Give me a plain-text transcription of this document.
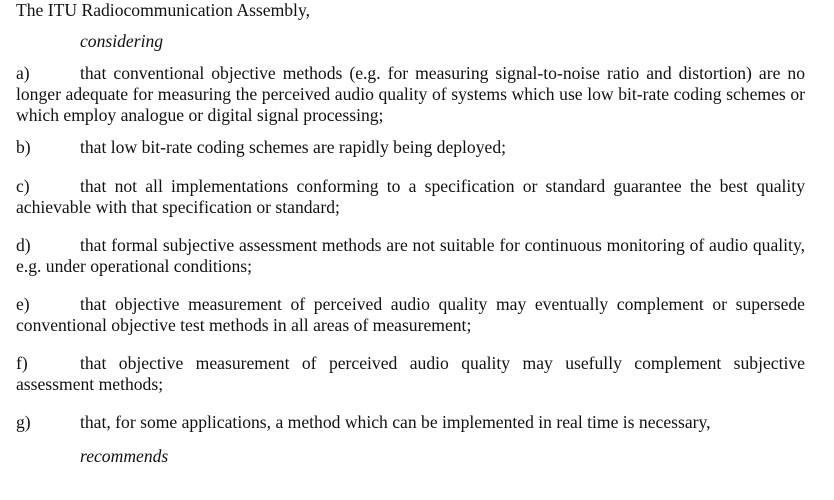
The ITU Radiocommunication Assembly,

considering

a)	that conventional objective methods (e.g. for measuring signal-to-noise ratio and distortion) are no longer adequate for measuring the perceived audio quality of systems which use low bit-rate coding schemes or which employ analogue or digital signal processing;

b)	that low bit-rate coding schemes are rapidly being deployed;

c)	that not all implementations conforming to a specification or standard guarantee the best quality achievable with that specification or standard;

d)	that formal subjective assessment methods are not suitable for continuous monitoring of audio quality, e.g. under operational conditions;

e)	that objective measurement of perceived audio quality may eventually complement or supersede conventional objective test methods in all areas of measurement;

f)	that objective measurement of perceived audio quality may usefully complement subjective assessment methods;

g)	that, for some applications, a method which can be implemented in real time is necessary,

recommends
